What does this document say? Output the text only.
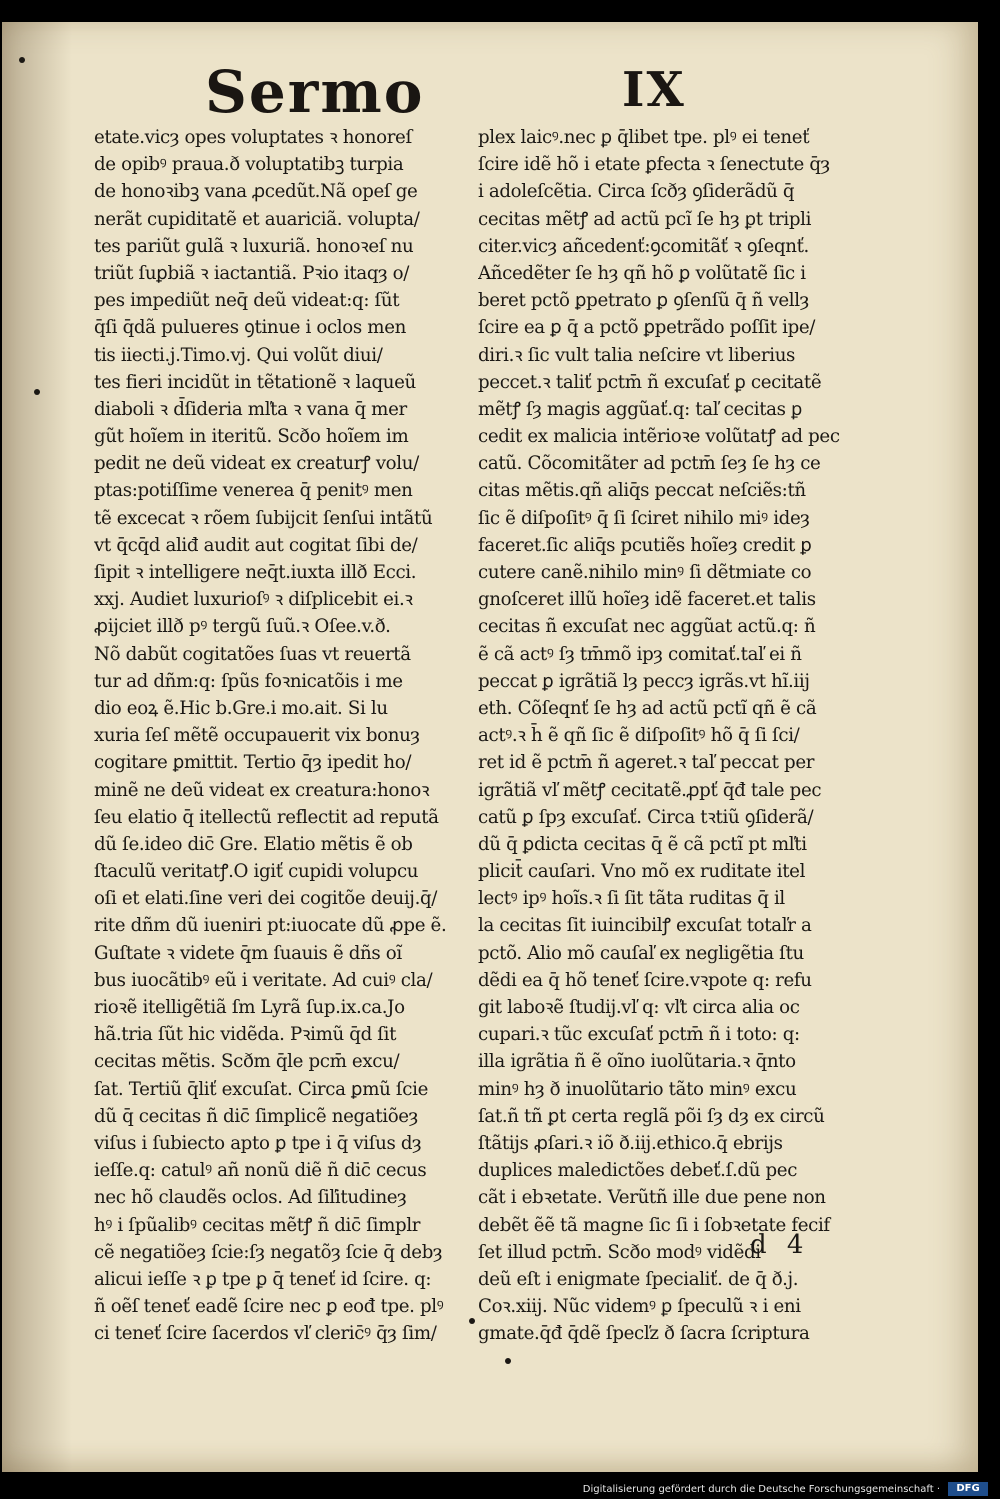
Sermo	IX
etate.vicȝ opes voluptates ꝛ honoreſ
de opibꝰ praua.ð voluptatibꝫ turpia
de honoꝛibꝫ vana ꝓcedũt.Nã opeſ ge
nerãt cupiditatẽ et auariciã. volupta/
tes pariũt gulã ꝛ luxuriã. honoꝛeſ nu
triũt ſuꝑbiã ꝛ iactantiã. Pꝛio itaqȝ o/
pes impediũt neq̄ deũ videat:q: ſũt
q̄ſi q̄dã pulueres ꝯtinue i oclos men
tis iiecti.j.Timo.vj. Qui volũt diui/
tes fieri incidũt in tẽtationẽ ꝛ laqueũ
diaboli ꝛ d̄ſideria mľta ꝛ vana q̄ mer
gũt hoĩem in iteritũ. Scðo hoĩem im
pedit ne deũ videat ex creaturꝭ volu/
ptas:potiſſime venerea q̄ penitꝰ men
tẽ excecat ꝛ rõem ſubijcit ſenſui intãtũ
vt q̄cq̄d aliđ audit aut cogitat ſibi de/
ſipit ꝛ intelligere neq̄t.iuxta illð Ecci.
xxj. Audiet luxurioſꝰ ꝛ diſplicebit ei.ꝛ
ꝓijciet illð pꝰ tergũ ſuũ.ꝛ Oſee.v.ð.
Nõ dabũt cogitatões ſuas vt reuertã
tur ad dñm:q: ſpũs foꝛnicatõis i me
dio eoꝝ ẽ.Hic b.Gre.i mo.ait. Si lu
xuria ſeſ mẽtẽ occupauerit vix bonuȝ
cogitare ꝑmittit. Tertio q̄ȝ ipedit ho/
minẽ ne deũ videat ex creatura:honoꝛ
ſeu elatio q̄ itellectũ reflectit ad reputã
dũ ſe.ideo dic̄ Gre. Elatio mẽtis ẽ ob
ſtaculũ veritatꝭ.O igiť cupidi volupcu
oſi et elati.ſine veri dei cogitõe deuij.q̄/
rite dñm dũ iueniri pt:iuocate dũ ꝓpe ẽ.
Guſtate ꝛ videte q̄m ſuauis ẽ dñs oĩ
bus iuocãtibꝰ eũ i veritate. Ad cuiꝰ cla/
rioꝛẽ itelligẽtiã ſm Lyrã ſup.ix.ca.Jo
hã.tria ſũt hic vidẽda. Pꝛimũ q̄d ſit
cecitas mẽtis. Scðm q̄le pcm̄ excu/
ſat. Tertiũ q̄liť excuſat. Circa ꝑmũ ſcie
dũ q̄ cecitas ñ dic̄ ſimplicẽ negatiõeȝ
viſus i ſubiecto apto ꝑ tpe i q̄ viſus dȝ
ieſſe.q: catulꝰ añ nonũ diẽ ñ dic̄ cecus
nec hõ claudẽs oclos. Ad ſiľitudineȝ
hꝰ i ſpũalibꝰ cecitas mẽtꝭ ñ dic̄ ſimplr
cẽ negatiõeȝ ſcie:ſȝ negatõȝ ſcie q̄ debȝ
alicui ieſſe ꝛ ꝑ tpe ꝑ q̄ teneť id ſcire. q:
ñ oẽſ teneť eadẽ ſcire nec ꝑ eođ tpe. plꝰ
ci teneť ſcire ſacerdos vľ cleric̄ꝰ q̄ȝ ſim/
plex laicꝰ.nec ꝑ q̄libet tpe. plꝰ ei teneť
ſcire idẽ hõ i etate ꝑfecta ꝛ ſenectute q̄ȝ
i adoleſcẽtia. Circa ſcðȝ ꝯſiderãdũ q̄
cecitas mẽtꝭ ad actũ pcĩ ſe hȝ ꝑt tripli
citer.vicȝ añcedenť:ꝯcomitãť ꝛ ꝯſeqnť.
Añcedẽter ſe hȝ qñ hõ ꝑ volũtatẽ ſic i
beret pctõ ꝑpetrato ꝑ ꝯſenſũ q̄ ñ vellȝ
ſcire ea ꝑ q̄ a pctõ ꝑpetrãdo poſſit ipe/
diri.ꝛ ſic vult talia neſcire vt liberius
peccet.ꝛ taliť pctm̄ ñ excuſať ꝑ cecitatẽ
mẽtꝭ ſȝ magis aggũať.q: taľ cecitas ꝑ
cedit ex malicia intẽrioꝛe volũtatꝭ ad pec
catũ. Cõcomitãter ad pctm̄ ſeȝ ſe hȝ ce
citas mẽtis.qñ aliq̄s peccat neſciẽs:tñ
ſic ẽ diſpoſitꝰ q̄ ſi ſciret nihilo miꝰ ideȝ
faceret.ſic aliq̄s pcutiẽs hoĩeȝ credit ꝑ
cutere canẽ.nihilo minꝰ ſi dẽtmiate co
gnoſceret illũ hoĩeȝ idẽ faceret.et talis
cecitas ñ excuſat nec aggũat actũ.q: ñ
ẽ cã actꝰ ſȝ tm̄mõ ipȝ comitať.taľ ei ñ
peccat ꝑ igrãtiã lȝ peccȝ igrãs.vt hĩ.iij
eth. Cõſeqnť ſe hȝ ad actũ pctĩ qñ ẽ cã
actꝰ.ꝛ h̄ ẽ qñ ſic ẽ diſpoſitꝰ hõ q̄ ſi ſci/
ret id ẽ pctm̄ ñ ageret.ꝛ taľ peccat per
igrãtiã vľ mẽtꝭ cecitatẽ.ꝓpť q̄đ tale pec
catũ ꝑ ſpȝ excuſať. Circa tꝛtiũ ꝯſiderã/
dũ q̄ ꝑdicta cecitas q̄ ẽ cã pctĩ pt mľti
plicit̄ cauſari. Vno mõ ex ruditate itel
lectꝰ ipꝰ hoĩs.ꝛ ſi ſit tãta ruditas q̄ il
la cecitas ſit iuincibilꝭ excuſat totaľr a
pctõ. Alio mõ cauſaľ ex negligẽtia ſtu
dẽdi ea q̄ hõ teneť ſcire.vꝛpote q: refu
git laboꝛẽ ſtudij.vľ q: vľt circa alia oc
cupari.ꝛ tũc excuſať pctm̄ ñ i toto: q:
illa igrãtia ñ ẽ oĩno iuolũtaria.ꝛ q̄nto
minꝰ hȝ ð inuolũtario tãto minꝰ excu
ſat.ñ tñ ꝑt certa reglã põi ſȝ dȝ ex circũ
ſtãtijs ꝓſari.ꝛ iõ ð.iij.ethico.q̄ ebrijs
duplices maledictões debeť.ſ.dũ pec
cãt i ebꝛetate. Verũtñ ille due pene non
debẽt ẽẽ tã magne ſic ſi i ſobꝛetate fecif
ſet illud pctm̄. Scðo modꝰ vidẽdi
deũ eſt i enigmate ſpecialiť. de q̄ ð.j.
Coꝛ.xiij. Nũc videmꝰ ꝑ ſpeculũ ꝛ i eni
gmate.q̄đ q̄dẽ ſpecľz ð ſacra ſcriptura
d 4
Digitalisierung gefördert durch die Deutsche Forschungsgemeinschaft ·	DFG
